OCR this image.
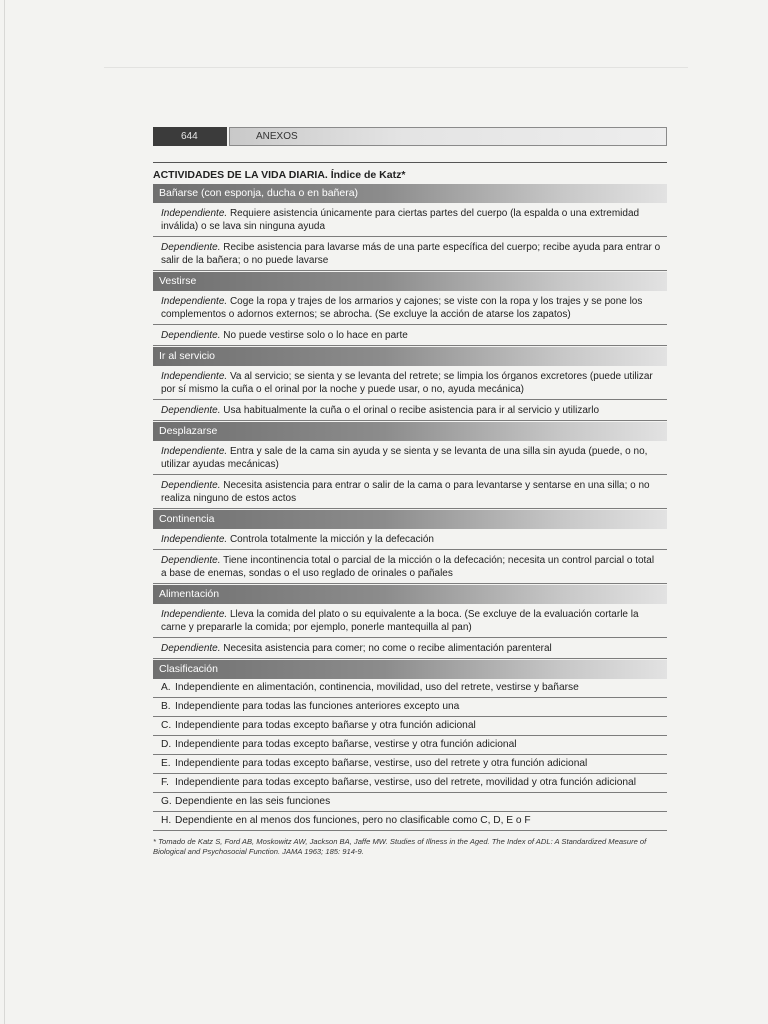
644	ANEXOS
ACTIVIDADES DE LA VIDA DIARIA. Índice de Katz*
Bañarse (con esponja, ducha o en bañera)
Independiente. Requiere asistencia únicamente para ciertas partes del cuerpo (la espalda o una extremidad inválida) o se lava sin ninguna ayuda
Dependiente. Recibe asistencia para lavarse más de una parte específica del cuerpo; recibe ayuda para entrar o salir de la bañera; o no puede lavarse
Vestirse
Independiente. Coge la ropa y trajes de los armarios y cajones; se viste con la ropa y los trajes y se pone los complementos o adornos externos; se abrocha. (Se excluye la acción de atarse los zapatos)
Dependiente. No puede vestirse solo o lo hace en parte
Ir al servicio
Independiente. Va al servicio; se sienta y se levanta del retrete; se limpia los órganos excretores (puede utilizar por sí mismo la cuña o el orinal por la noche y puede usar, o no, ayuda mecánica)
Dependiente. Usa habitualmente la cuña o el orinal o recibe asistencia para ir al servicio y utilizarlo
Desplazarse
Independiente. Entra y sale de la cama sin ayuda y se sienta y se levanta de una silla sin ayuda (puede, o no, utilizar ayudas mecánicas)
Dependiente. Necesita asistencia para entrar o salir de la cama o para levantarse y sentarse en una silla; o no realiza ninguno de estos actos
Continencia
Independiente. Controla totalmente la micción y la defecación
Dependiente. Tiene incontinencia total o parcial de la micción o la defecación; necesita un control parcial o total a base de enemas, sondas o el uso reglado de orinales o pañales
Alimentación
Independiente. Lleva la comida del plato o su equivalente a la boca. (Se excluye de la evaluación cortarle la carne y prepararle la comida; por ejemplo, ponerle mantequilla al pan)
Dependiente. Necesita asistencia para comer; no come o recibe alimentación parenteral
Clasificación
A. Independiente en alimentación, continencia, movilidad, uso del retrete, vestirse y bañarse
B. Independiente para todas las funciones anteriores excepto una
C. Independiente para todas excepto bañarse y otra función adicional
D. Independiente para todas excepto bañarse, vestirse y otra función adicional
E. Independiente para todas excepto bañarse, vestirse, uso del retrete y otra función adicional
F. Independiente para todas excepto bañarse, vestirse, uso del retrete, movilidad y otra función adicional
G. Dependiente en las seis funciones
H. Dependiente en al menos dos funciones, pero no clasificable como C, D, E o F
* Tomado de Katz S, Ford AB, Moskowitz AW, Jackson BA, Jaffe MW. Studies of Illness in the Aged. The Index of ADL: A Standardized Measure of Biological and Psychosocial Function. JAMA 1963; 185: 914-9.
